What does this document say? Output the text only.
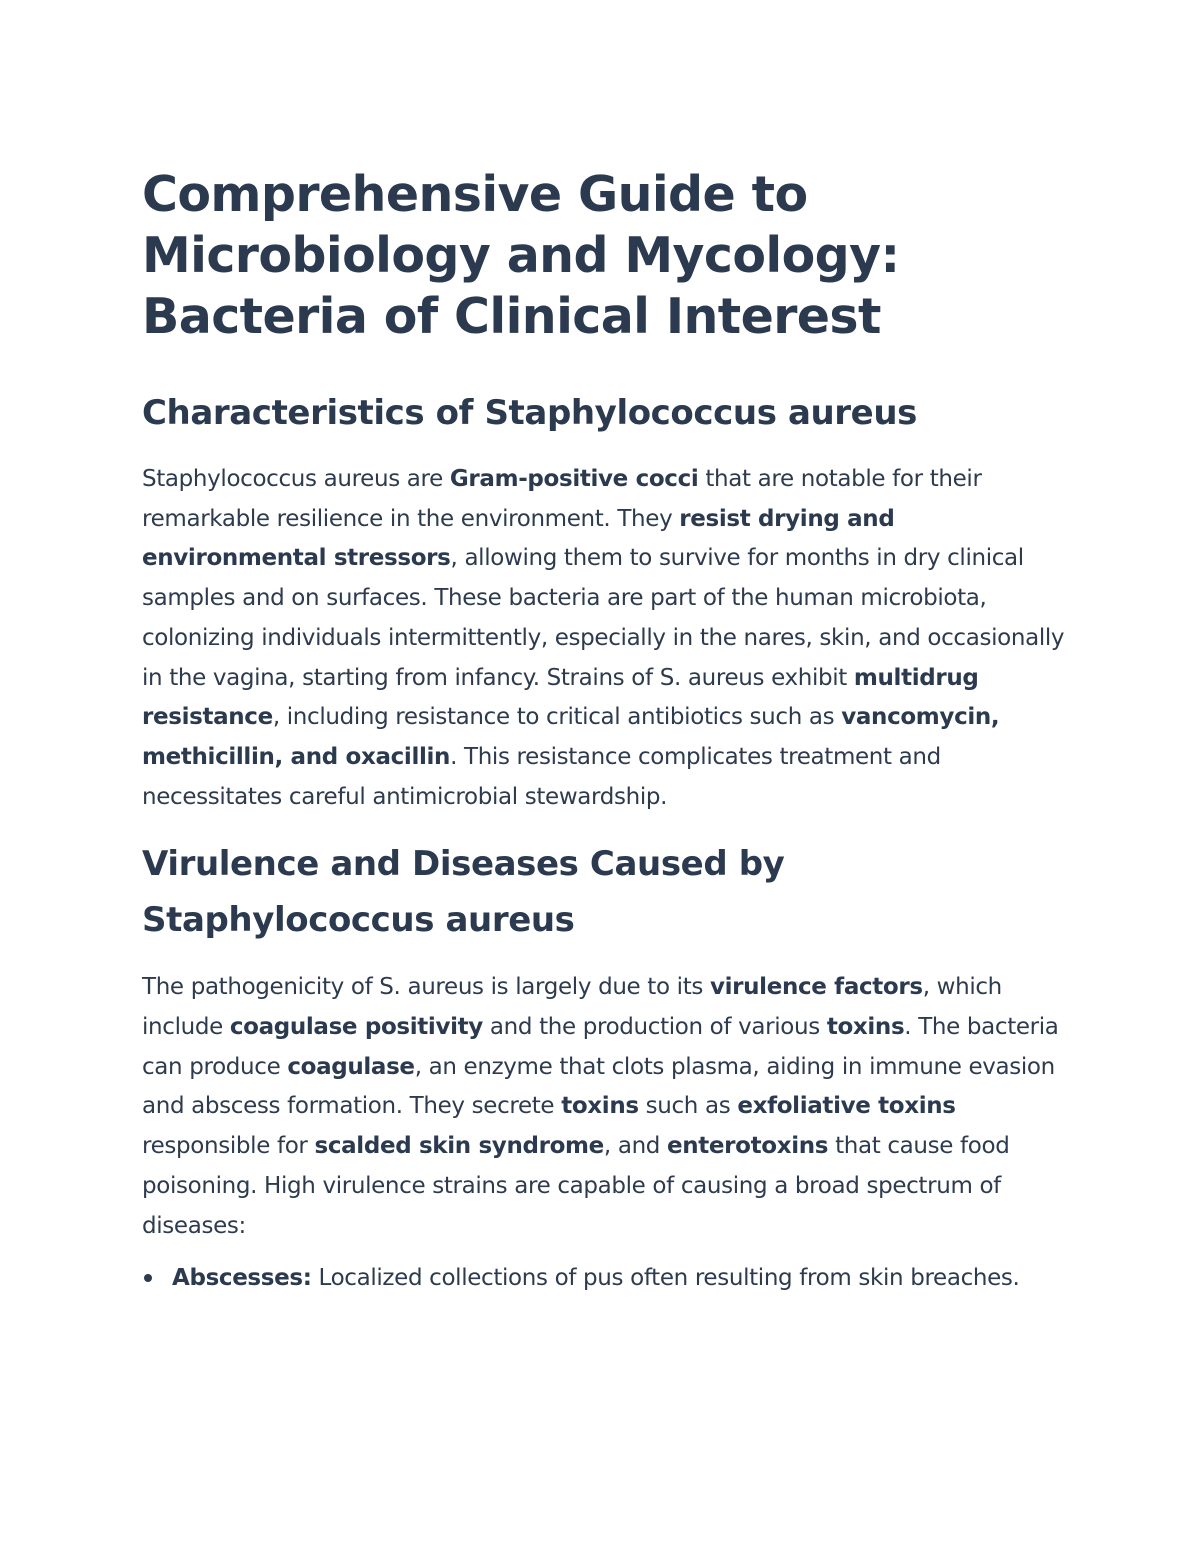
Comprehensive Guide to Microbiology and Mycology: Bacteria of Clinical Interest
Characteristics of Staphylococcus aureus

Staphylococcus aureus are Gram-positive cocci that are notable for their remarkable resilience in the environment. They resist drying and environmental stressors, allowing them to survive for months in dry clinical samples and on surfaces. These bacteria are part of the human microbiota, colonizing individuals intermittently, especially in the nares, skin, and occasionally in the vagina, starting from infancy. Strains of S. aureus exhibit multidrug resistance, including resistance to critical antibiotics such as vancomycin, methicillin, and oxacillin. This resistance complicates treatment and necessitates careful antimicrobial stewardship.

Virulence and Diseases Caused by Staphylococcus aureus

The pathogenicity of S. aureus is largely due to its virulence factors, which include coagulase positivity and the production of various toxins. The bacteria can produce coagulase, an enzyme that clots plasma, aiding in immune evasion and abscess formation. They secrete toxins such as exfoliative toxins responsible for scalded skin syndrome, and enterotoxins that cause food poisoning. High virulence strains are capable of causing a broad spectrum of diseases:

Abscesses: Localized collections of pus often resulting from skin breaches.
